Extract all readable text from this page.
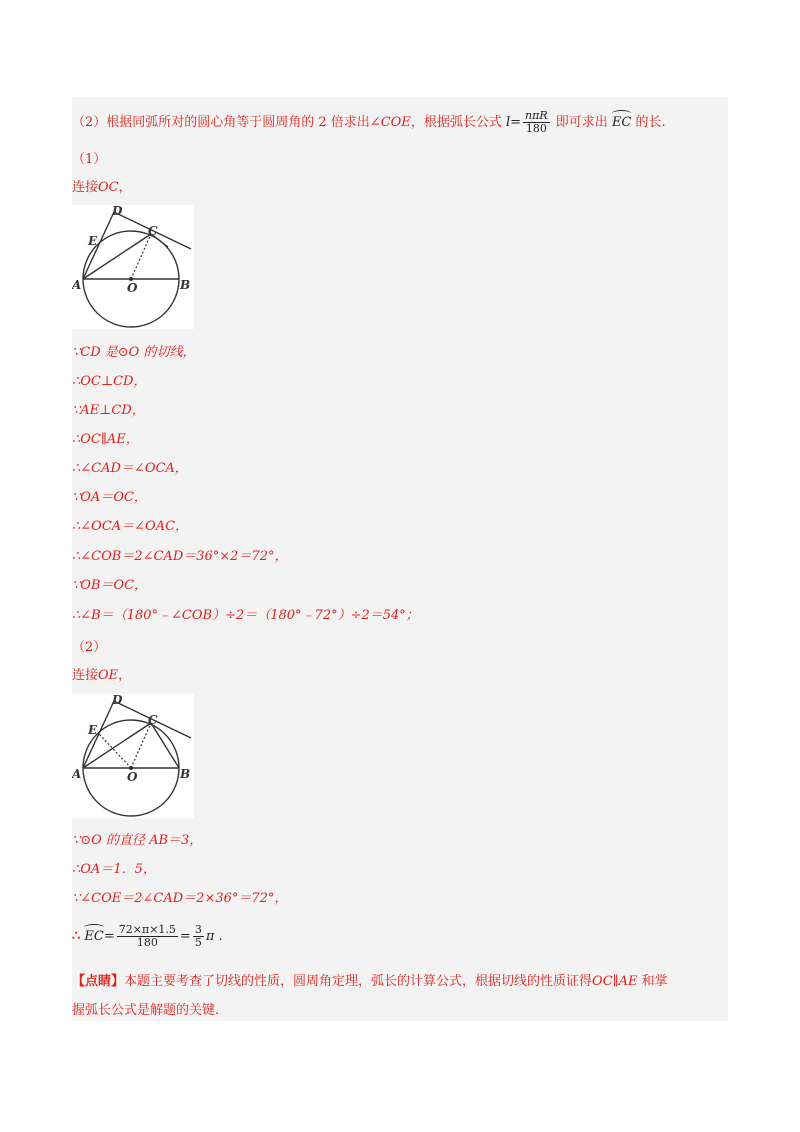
（2）根据同弧所对的圆心角等于圆周角的 2 倍求出∠COE，根据弧长公式 $l= \frac{\text{nπR}}{180}$ 即可求出 EC 的长.
（1）
连接OC，
D
E
C
A	O	B
∵CD 是⊙O 的切线，
∴OC⊥CD，
∵AE⊥CD，
∴OC∥AE，
∴∠CAD＝∠OCA，
∵OA＝OC，
∴∠OCA＝∠OAC，
∴∠COB＝2∠CAD＝36°×2＝72°，
∵OB＝OC，
∴∠B＝（180°﹣∠COB）÷2＝（180°﹣72°）÷2＝54°；
（2）
连接OE，
D
E
C
A	O	B
∵⊙O 的直径 AB＝3，
∴OA＝1．5，
∵∠COE＝2∠CAD＝2×36°＝72°，
∴ $EC= \frac{72\times\pi\times 1.5}{180} = \frac{3}{5}$ π .
【点睛】本题主要考查了切线的性质，圆周角定理，弧长的计算公式，根据切线的性质证得OC∥AE 和掌
握弧长公式是解题的关键.
